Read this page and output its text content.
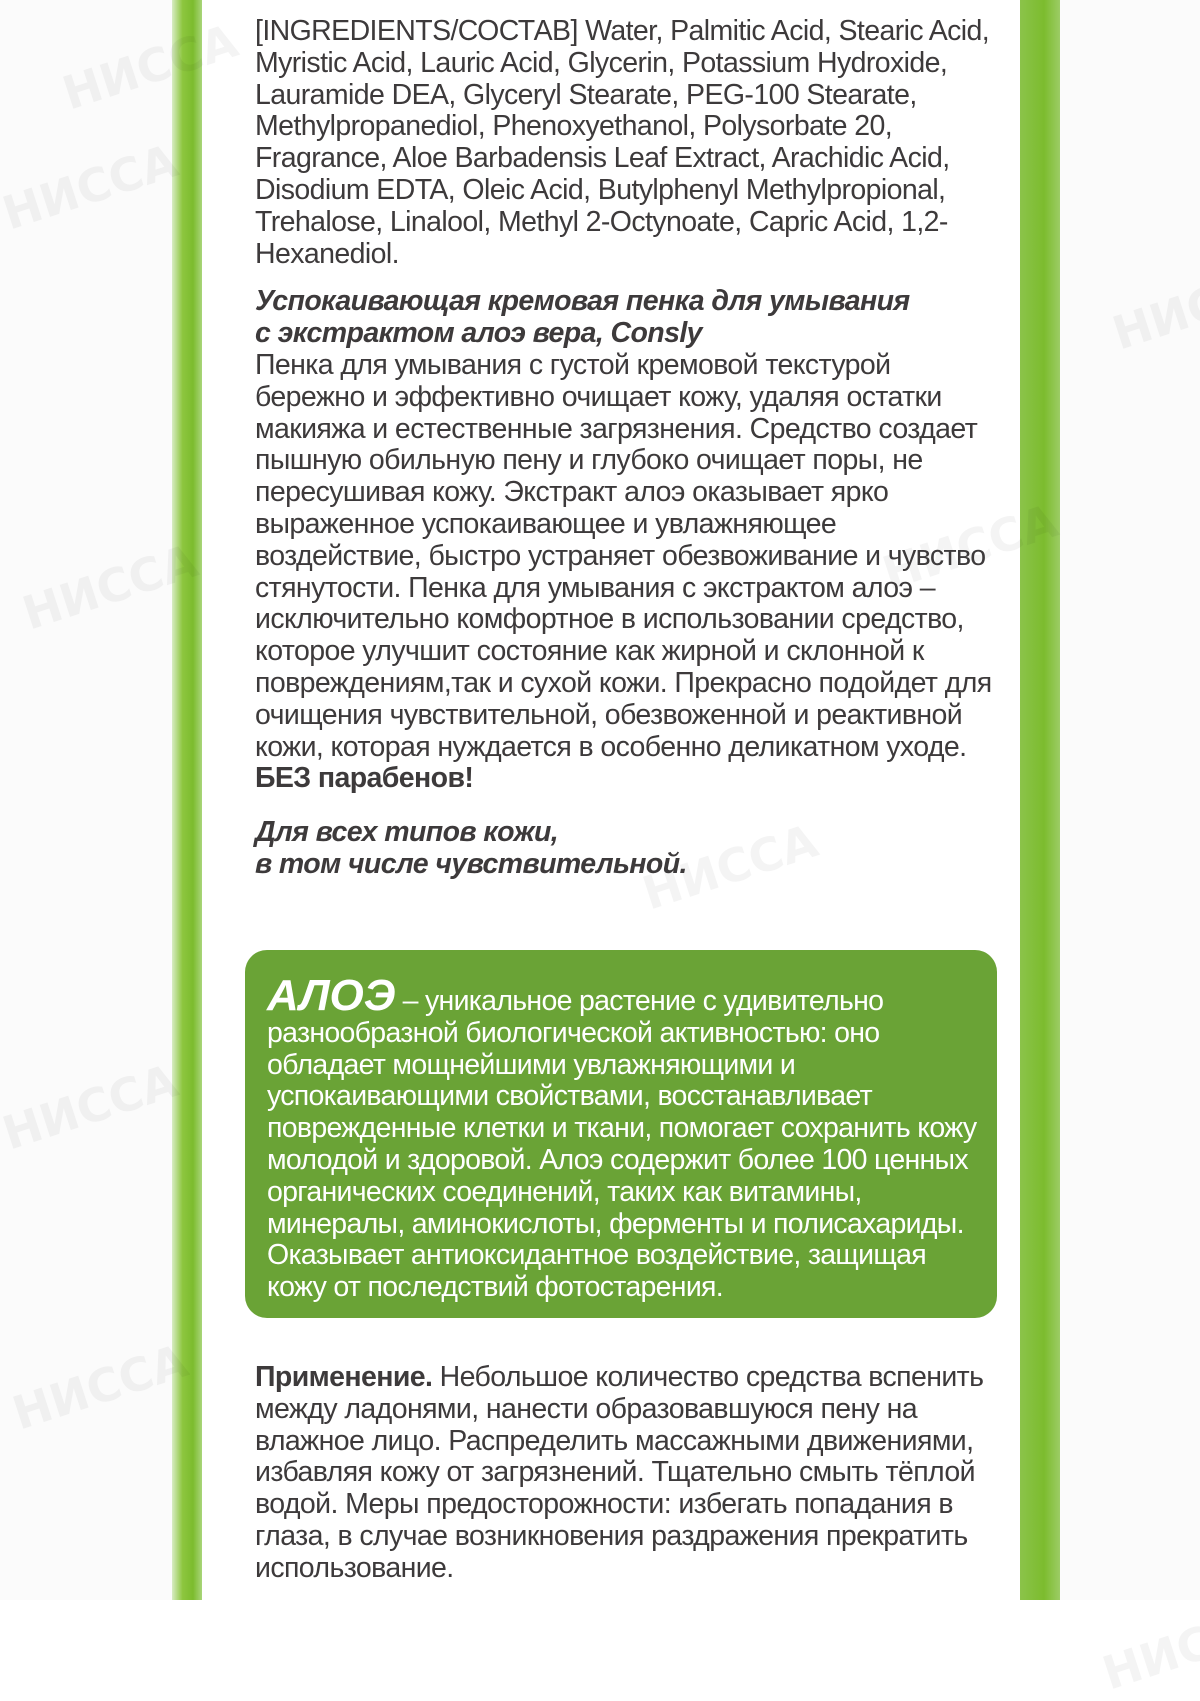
[INGREDIENTS/СОСТАВ] Water, Palmitic Acid, Stearic Acid, Myristic Acid, Lauric Acid, Glycerin, Potassium Hydroxide, Lauramide DEA, Glyceryl Stearate, PEG-100 Stearate, Methylpropanediol, Phenoxyethanol, Polysorbate 20, Fragrance, Aloe Barbadensis Leaf Extract, Arachidic Acid, Disodium EDTA, Oleic Acid, Butylphenyl Methylpropional, Trehalose, Linalool, Methyl 2-Octynoate, Capric Acid, 1,2-Hexanediol.

Успокаивающая кремовая пенка для умывания
с экстрактом алоэ вера, Consly

Пенка для умывания с густой кремовой текстурой бережно и эффективно очищает кожу, удаляя остатки макияжа и естественные загрязнения. Средство создает пышную обильную пену и глубоко очищает поры, не пересушивая кожу. Экстракт алоэ оказывает ярко выраженное успокаивающее и увлажняющее воздействие, быстро устраняет обезвоживание и чувство стянутости. Пенка для умывания с экстрактом алоэ – исключительно комфортное в использовании средство, которое улучшит состояние как жирной и склонной к повреждениям,так и сухой кожи. Прекрасно подойдет для очищения чувствительной, обезвоженной и реактивной кожи, которая нуждается в особенно деликатном уходе. БЕЗ парабенов!

Для всех типов кожи,
в том числе чувствительной.

АЛОЭ – уникальное растение с удивительно разнообразной биологической активностью: оно обладает мощнейшими увлажняющими и успокаивающими свойствами, восстанавливает поврежденные клетки и ткани, помогает сохранить кожу молодой и здоровой. Алоэ содержит более 100 ценных органических соединений, таких как витамины, минералы, аминокислоты, ферменты и полисахариды. Оказывает антиоксидантное воздействие, защищая кожу от последствий фотостарения.
Применение. Небольшое количество средства вспенить между ладонями, нанести образовавшуюся пену на влажное лицо. Распределить массажными движениями, избавляя кожу от загрязнений. Тщательно смыть тёплой водой. Меры предосторожности: избегать попадания в глаза, в случае возникновения раздражения прекратить использование.
